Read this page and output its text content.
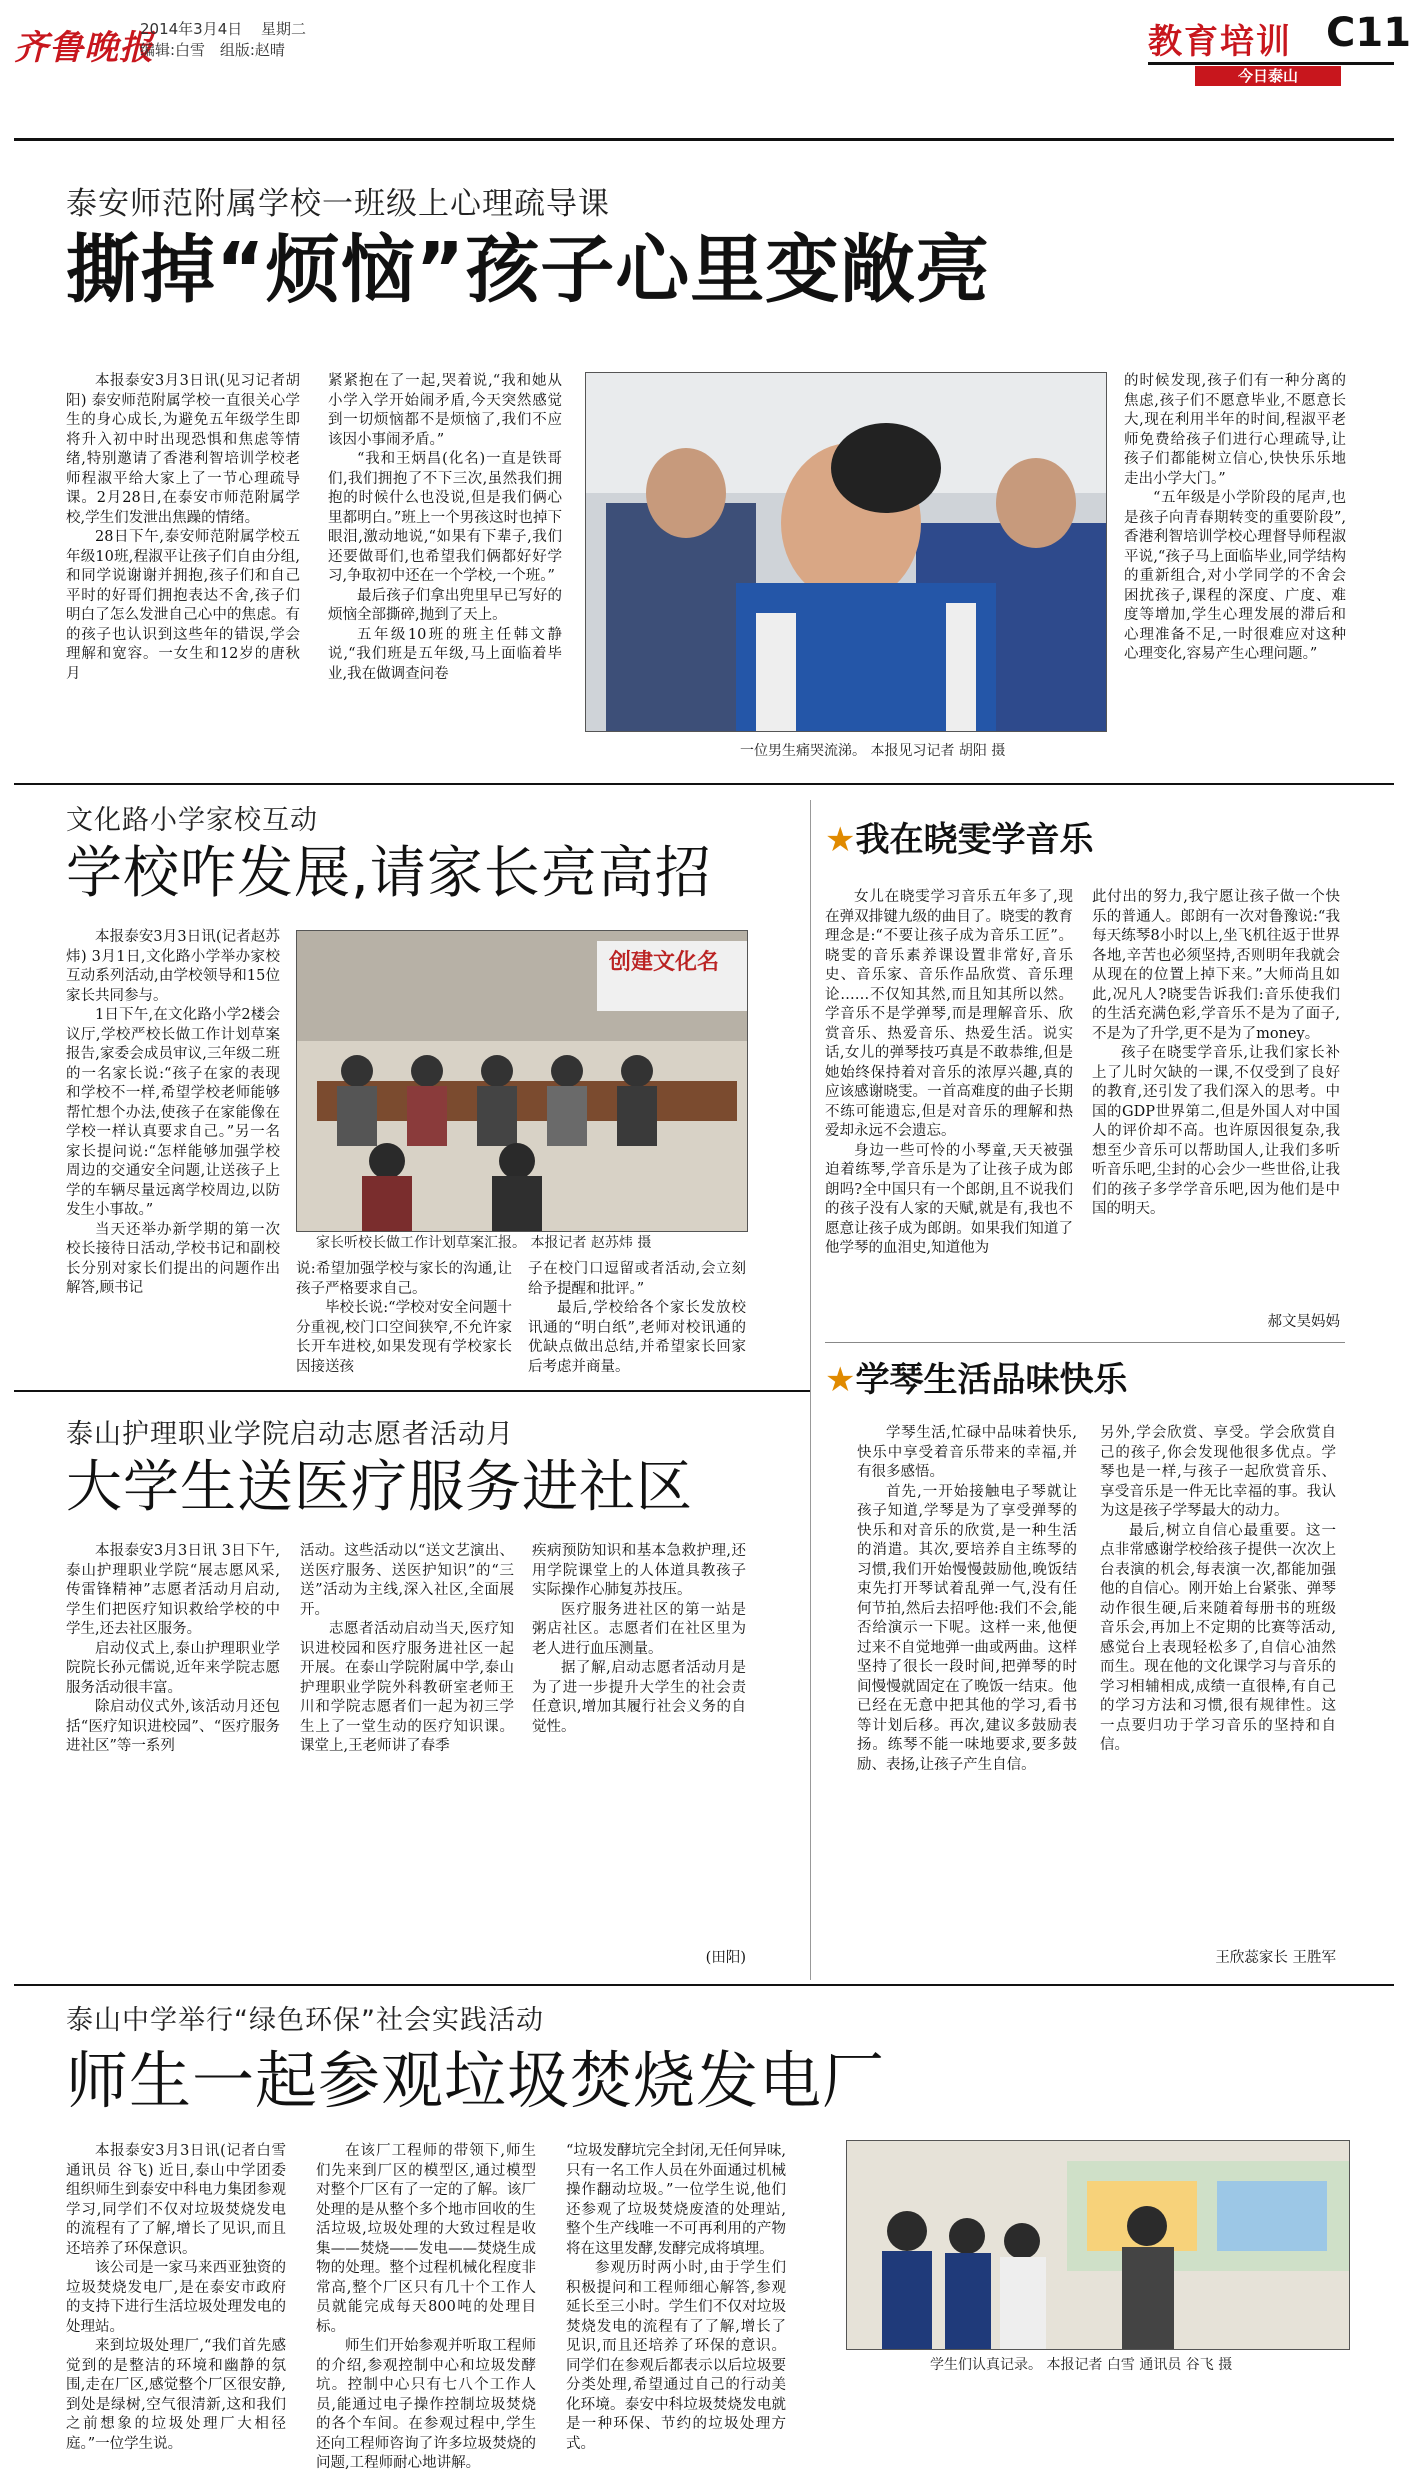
齐鲁晚报
2014年3月4日 星期二
编辑:白雪 组版:赵晴	教育培训 C11
今日泰山
泰安师范附属学校一班级上心理疏导课
撕掉“烦恼”孩子心里变敞亮

本报泰安3月3日讯(见习记者胡阳) 泰安师范附属学校一直很关心学生的身心成长,为避免五年级学生即将升入初中时出现恐惧和焦虑等情绪,特别邀请了香港利智培训学校老师程淑平给大家上了一节心理疏导课。2月28日,在泰安市师范附属学校,学生们发泄出焦躁的情绪。

28日下午,泰安师范附属学校五年级10班,程淑平让孩子们自由分组,和同学说谢谢并拥抱,孩子们和自己平时的好哥们拥抱表达不舍,孩子们明白了怎么发泄自己心中的焦虑。有的孩子也认识到这些年的错误,学会理解和宽容。一女生和12岁的唐秋月

紧紧抱在了一起,哭着说,“我和她从小学入学开始闹矛盾,今天突然感觉到一切烦恼都不是烦恼了,我们不应该因小事闹矛盾。”

“我和王炳昌(化名)一直是铁哥们,我们拥抱了不下三次,虽然我们拥抱的时候什么也没说,但是我们俩心里都明白。”班上一个男孩这时也掉下眼泪,激动地说,“如果有下辈子,我们还要做哥们,也希望我们俩都好好学习,争取初中还在一个学校,一个班。”

最后孩子们拿出兜里早已写好的烦恼全部撕碎,抛到了天上。

五年级10班的班主任韩文静说,“我们班是五年级,马上面临着毕业,我在做调查问卷

一位男生痛哭流涕。 本报见习记者 胡阳 摄

的时候发现,孩子们有一种分离的焦虑,孩子们不愿意毕业,不愿意长大,现在利用半年的时间,程淑平老师免费给孩子们进行心理疏导,让孩子们都能树立信心,快快乐乐地走出小学大门。”

“五年级是小学阶段的尾声,也是孩子向青春期转变的重要阶段”,香港利智培训学校心理督导师程淑平说,“孩子马上面临毕业,同学结构的重新组合,对小学同学的不舍会困扰孩子,课程的深度、广度、难度等增加,学生心理发展的滞后和心理准备不足,一时很难应对这种心理变化,容易产生心理问题。”

文化路小学家校互动
学校咋发展,请家长亮高招

本报泰安3月3日讯(记者赵苏炜) 3月1日,文化路小学举办家校互动系列活动,由学校领导和15位家长共同参与。

1日下午,在文化路小学2楼会议厅,学校严校长做工作计划草案报告,家委会成员审议,三年级二班的一名家长说:“孩子在家的表现和学校不一样,希望学校老师能够帮忙想个办法,使孩子在家能像在学校一样认真要求自己。”另一名家长提问说:“怎样能够加强学校周边的交通安全问题,让送孩子上学的车辆尽量远离学校周边,以防发生小事故。”

当天还举办新学期的第一次校长接待日活动,学校书记和副校长分别对家长们提出的问题作出解答,顾书记

创建文化名
家长听校长做工作计划草案汇报。 本报记者 赵苏炜 摄

说:希望加强学校与家长的沟通,让孩子严格要求自己。

毕校长说:“学校对安全问题十分重视,校门口空间狭窄,不允许家长开车进校,如果发现有学校家长因接送孩

子在校门口逗留或者活动,会立刻给予提醒和批评。”

最后,学校给各个家长发放校讯通的“明白纸”,老师对校讯通的优缺点做出总结,并希望家长回家后考虑并商量。

★我在晓雯学音乐

女儿在晓雯学习音乐五年多了,现在弹双排键九级的曲目了。晓雯的教育理念是:“不要让孩子成为音乐工匠”。晓雯的音乐素养课设置非常好,音乐史、音乐家、音乐作品欣赏、音乐理论……不仅知其然,而且知其所以然。学音乐不是学弹琴,而是理解音乐、欣赏音乐、热爱音乐、热爱生活。说实话,女儿的弹琴技巧真是不敢恭维,但是她始终保持着对音乐的浓厚兴趣,真的应该感谢晓雯。一首高难度的曲子长期不练可能遗忘,但是对音乐的理解和热爱却永远不会遗忘。

身边一些可怜的小琴童,天天被强迫着练琴,学音乐是为了让孩子成为郎朗吗?全中国只有一个郎朗,且不说我们的孩子没有人家的天赋,就是有,我也不愿意让孩子成为郎朗。如果我们知道了他学琴的血泪史,知道他为

此付出的努力,我宁愿让孩子做一个快乐的普通人。郎朗有一次对鲁豫说:“我每天练琴8小时以上,坐飞机往返于世界各地,辛苦也必须坚持,否则明年我就会从现在的位置上掉下来。”大师尚且如此,况凡人?晓雯告诉我们:音乐使我们的生活充满色彩,学音乐不是为了面子,不是为了升学,更不是为了money。

孩子在晓雯学音乐,让我们家长补上了儿时欠缺的一课,不仅受到了良好的教育,还引发了我们深入的思考。中国的GDP世界第二,但是外国人对中国人的评价却不高。也许原因很复杂,我想至少音乐可以帮助国人,让我们多听听音乐吧,尘封的心会少一些世俗,让我们的孩子多学学音乐吧,因为他们是中国的明天。

郝文昊妈妈
★学琴生活品味快乐

学琴生活,忙碌中品味着快乐,快乐中享受着音乐带来的幸福,并有很多感悟。

首先,一开始接触电子琴就让孩子知道,学琴是为了享受弹琴的快乐和对音乐的欣赏,是一种生活的消遣。其次,要培养自主练琴的习惯,我们开始慢慢鼓励他,晚饭结束先打开琴试着乱弹一气,没有任何节拍,然后去招呼他:我们不会,能否给演示一下呢。这样一来,他便过来不自觉地弹一曲或两曲。这样坚持了很长一段时间,把弹琴的时间慢慢就固定在了晚饭一结束。他已经在无意中把其他的学习,看书等计划后移。再次,建议多鼓励表扬。练琴不能一味地要求,要多鼓励、表扬,让孩子产生自信。

另外,学会欣赏、享受。学会欣赏自己的孩子,你会发现他很多优点。学琴也是一样,与孩子一起欣赏音乐、享受音乐是一件无比幸福的事。我认为这是孩子学琴最大的动力。

最后,树立自信心最重要。这一点非常感谢学校给孩子提供一次次上台表演的机会,每表演一次,都能加强他的自信心。刚开始上台紧张、弹琴动作很生硬,后来随着每册书的班级音乐会,再加上不定期的比赛等活动,感觉台上表现轻松多了,自信心油然而生。现在他的文化课学习与音乐的学习相辅相成,成绩一直很棒,有自己的学习方法和习惯,很有规律性。这一点要归功于学习音乐的坚持和自信。

王欣蕊家长 王胜军
泰山护理职业学院启动志愿者活动月
大学生送医疗服务进社区

本报泰安3月3日讯 3日下午,泰山护理职业学院“展志愿风采,传雷锋精神”志愿者活动月启动,学生们把医疗知识救给学校的中学生,还去社区服务。

启动仪式上,泰山护理职业学院院长孙元儒说,近年来学院志愿服务活动很丰富。

除启动仪式外,该活动月还包括“医疗知识进校园”、“医疗服务进社区”等一系列

活动。这些活动以“送文艺演出、送医疗服务、送医护知识”的“三送”活动为主线,深入社区,全面展开。

志愿者活动启动当天,医疗知识进校园和医疗服务进社区一起开展。在泰山学院附属中学,泰山护理职业学院外科教研室老师王川和学院志愿者们一起为初三学生上了一堂生动的医疗知识课。课堂上,王老师讲了春季

疾病预防知识和基本急救护理,还用学院课堂上的人体道具教孩子实际操作心肺复苏技压。

医疗服务进社区的第一站是粥店社区。志愿者们在社区里为老人进行血压测量。

据了解,启动志愿者活动月是为了进一步提升大学生的社会责任意识,增加其履行社会义务的自觉性。

(田阳)
泰山中学举行“绿色环保”社会实践活动
师生一起参观垃圾焚烧发电厂

本报泰安3月3日讯(记者白雪 通讯员 谷飞) 近日,泰山中学团委组织师生到泰安中科电力集团参观学习,同学们不仅对垃圾焚烧发电的流程有了了解,增长了见识,而且还培养了环保意识。

该公司是一家马来西亚独资的垃圾焚烧发电厂,是在泰安市政府的支持下进行生活垃圾处理发电的处理站。

来到垃圾处理厂,“我们首先感觉到的是整洁的环境和幽静的氛围,走在厂区,感觉整个厂区很安静,到处是绿树,空气很清新,这和我们之前想象的垃圾处理厂大相径庭。”一位学生说。

在该厂工程师的带领下,师生们先来到厂区的模型区,通过模型对整个厂区有了一定的了解。该厂处理的是从整个多个地市回收的生活垃圾,垃圾处理的大致过程是收集——焚烧——发电——焚烧生成物的处理。整个过程机械化程度非常高,整个厂区只有几十个工作人员就能完成每天800吨的处理目标。

师生们开始参观并听取工程师的介绍,参观控制中心和垃圾发酵坑。控制中心只有七八个工作人员,能通过电子操作控制垃圾焚烧的各个车间。在参观过程中,学生还向工程师咨询了许多垃圾焚烧的问题,工程师耐心地讲解。

“垃圾发酵坑完全封闭,无任何异味,只有一名工作人员在外面通过机械操作翻动垃圾。”一位学生说,他们还参观了垃圾焚烧废渣的处理站,整个生产线唯一不可再利用的产物将在这里发酵,发酵完成将填埋。

参观历时两小时,由于学生们积极提问和工程师细心解答,参观延长至三小时。学生们不仅对垃圾焚烧发电的流程有了了解,增长了见识,而且还培养了环保的意识。同学们在参观后都表示以后垃圾要分类处理,希望通过自己的行动美化环境。泰安中科垃圾焚烧发电就是一种环保、节约的垃圾处理方式。

学生们认真记录。 本报记者 白雪 通讯员 谷飞 摄
